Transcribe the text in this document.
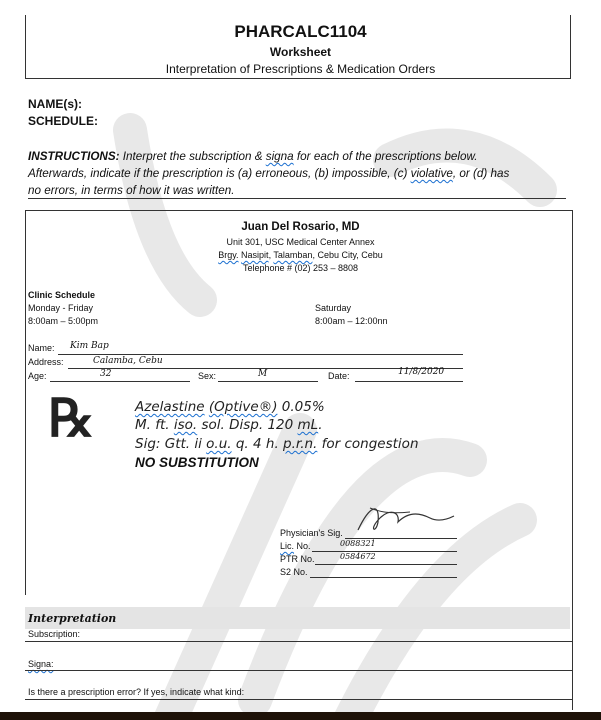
USC-DOP
PHARCALC1104
Worksheet
Interpretation of Prescriptions & Medication Orders
NAME(s):
SCHEDULE:
INSTRUCTIONS: Interpret the subscription & signa for each of the prescriptions below.
Afterwards, indicate if the prescription is (a) erroneous, (b) impossible, (c) violative, or (d) has
no errors, in terms of how it was written.
Juan Del Rosario, MD
Unit 301, USC Medical Center Annex
Brgy. Nasipit, Talamban, Cebu City, Cebu
Telephone # (02) 253 – 8808
Clinic Schedule
Monday - Friday
8:00am – 5:00pm
Saturday
8:00am – 12:00nn
Name: Kim Bap
Address:	Calamba, Cebu
Age:	32	Sex:	M	Date:	11/8/2020
℞	Azelastine (Optive®) 0.05%
M. ft. iso. sol. Disp. 120 mL.
Sig: Gtt. ii o.u. q. 4 h. p.r.n. for congestion
NO SUBSTITUTION
Physician's Sig.
Lic. No.	0088321
PTR No.	0584672
S2 No.
Interpretation
Subscription:
Signa:
Is there a prescription error? If yes, indicate what kind:
